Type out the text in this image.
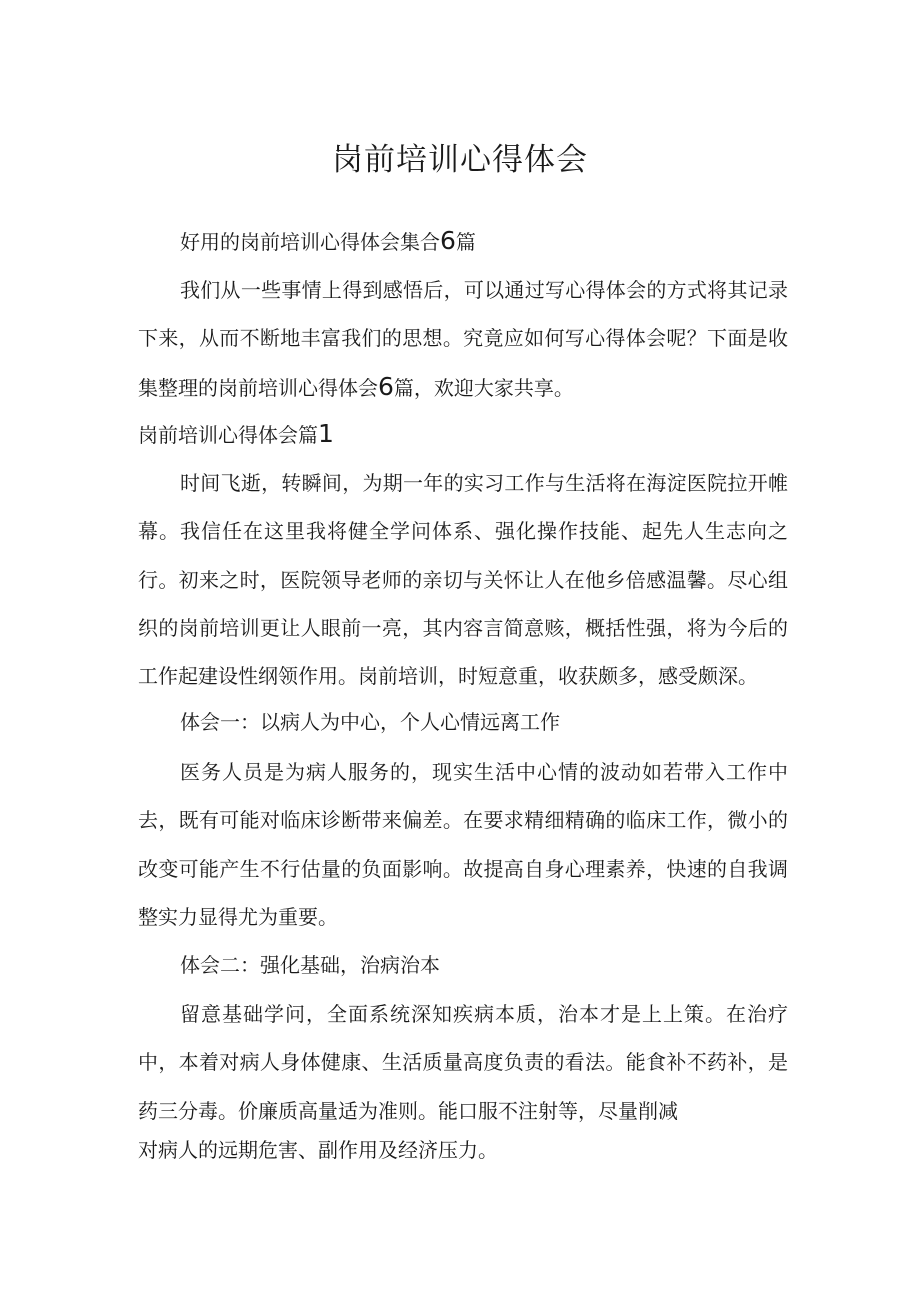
岗前培训心得体会

好用的岗前培训心得体会集合6篇

我们从一些事情上得到感悟后，可以通过写心得体会的方式将其记录下来，从而不断地丰富我们的思想。究竟应如何写心得体会呢？下面是收集整理的岗前培训心得体会6篇，欢迎大家共享。

岗前培训心得体会篇1

时间飞逝，转瞬间，为期一年的实习工作与生活将在海淀医院拉开帷幕。我信任在这里我将健全学问体系、强化操作技能、起先人生志向之行。初来之时，医院领导老师的亲切与关怀让人在他乡倍感温馨。尽心组织的岗前培训更让人眼前一亮，其内容言简意赅，概括性强，将为今后的工作起建设性纲领作用。岗前培训，时短意重，收获颇多，感受颇深。

体会一：以病人为中心，个人心情远离工作

医务人员是为病人服务的，现实生活中心情的波动如若带入工作中去，既有可能对临床诊断带来偏差。在要求精细精确的临床工作，微小的改变可能产生不行估量的负面影响。故提高自身心理素养，快速的自我调整实力显得尤为重要。

体会二：强化基础，治病治本

留意基础学问，全面系统深知疾病本质，治本才是上上策。在治疗中，本着对病人身体健康、生活质量高度负责的看法。能食补不药补，是药三分毒。价廉质高量适为准则。能口服不注射等，尽量削减

对病人的远期危害、副作用及经济压力。
